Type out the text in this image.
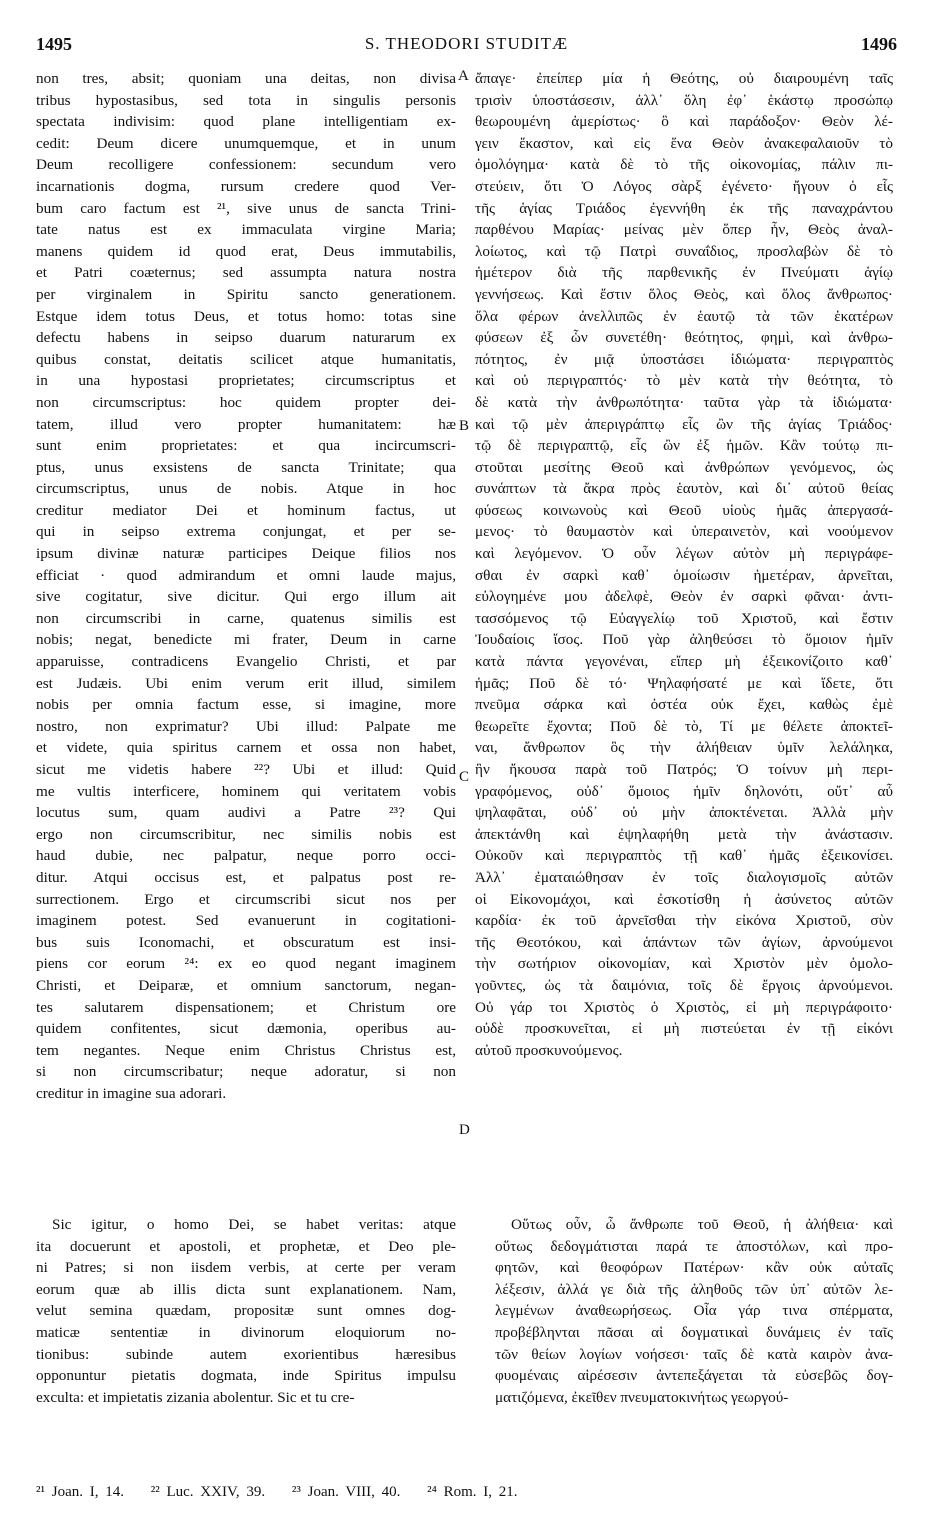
1495	S. THEODORI STUDITÆ	1496
non tres, absit; quoniam una deitas, non divisa
tribus hypostasibus, sed tota in singulis personis
spectata indivisim: quod plane intelligentiam ex-
cedit: Deum dicere unumquemque, et in unum
Deum recolligere confessionem: secundum vero
incarnationis dogma, rursum credere quod Ver-
bum caro factum est ²¹, sive unus de sancta Trini-
tate natus est ex immaculata virgine Maria;
manens quidem id quod erat, Deus immutabilis,
et Patri coæternus; sed assumpta natura nostra
per virginalem in Spiritu sancto generationem.
Estque idem totus Deus, et totus homo: totas sine
defectu habens in seipso duarum naturarum ex
quibus constat, deitatis scilicet atque humanitatis,
in una hypostasi proprietates; circumscriptus et
non circumscriptus: hoc quidem propter dei-
tatem, illud vero propter humanitatem: hæ
sunt enim proprietates: et qua incircumscri-
ptus, unus exsistens de sancta Trinitate; qua
circumscriptus, unus de nobis. Atque in hoc
creditur mediator Dei et hominum factus, ut
qui in seipso extrema conjungat, et per se-
ipsum divinæ naturæ participes Deique filios nos
efficiat · quod admirandum et omni laude majus,
sive cogitatur, sive dicitur. Qui ergo illum ait
non circumscribi in carne, quatenus similis est
nobis; negat, benedicte mi frater, Deum in carne
apparuisse, contradicens Evangelio Christi, et par
est Judæis. Ubi enim verum erit illud, similem
nobis per omnia factum esse, si imagine, more
nostro, non exprimatur? Ubi illud: Palpate me
et videte, quia spiritus carnem et ossa non habet,
sicut me videtis habere ²²? Ubi et illud: Quid
me vultis interficere, hominem qui veritatem vobis
locutus sum, quam audivi a Patre ²³? Qui
ergo non circumscribitur, nec similis nobis est
haud dubie, nec palpatur, neque porro occi-
ditur. Atqui occisus est, et palpatus post re-
surrectionem. Ergo et circumscribi sicut nos per
imaginem potest. Sed evanuerunt in cogitationi-
bus suis Iconomachi, et obscuratum est insi-
piens cor eorum ²⁴: ex eo quod negant imaginem
Christi, et Deiparæ, et omnium sanctorum, negan-
tes salutarem dispensationem; et Christum ore
quidem confitentes, sicut dæmonia, operibus au-
tem negantes. Neque enim Christus Christus est,
si non circumscribatur; neque adoratur, si non
creditur in imagine sua adorari.
ἄπαγε· ἐπείπερ μία ἡ Θεότης, οὐ διαιρουμένη ταῖς
τρισὶν ὑποστάσεσιν, ἀλλ᾽ ὅλη ἐφ᾽ ἑκάστῳ προσώπῳ
θεωρουμένη ἀμερίστως· ὃ καὶ παράδοξον· Θεὸν λέ-
γειν ἕκαστον, καὶ εἰς ἕνα Θεὸν ἀνακεφαλαιοῦν τὸ
ὁμολόγημα· κατὰ δὲ τὸ τῆς οἰκονομίας, πάλιν πι-
στεύειν, ὅτι Ὁ Λόγος σὰρξ ἐγένετο· ἤγουν ὁ εἷς
τῆς ἁγίας Τριάδος ἐγεννήθη ἐκ τῆς παναχράντου
παρθένου Μαρίας· μείνας μὲν ὅπερ ἦν, Θεὸς ἀναλ-
λοίωτος, καὶ τῷ Πατρὶ συναΐδιος, προσλαβὼν δὲ τὸ
ἡμέτερον διὰ τῆς παρθενικῆς ἐν Πνεύματι ἁγίῳ
γεννήσεως. Καὶ ἔστιν ὅλος Θεὸς, καὶ ὅλος ἄνθρωπος·
ὅλα φέρων ἀνελλιπῶς ἐν ἑαυτῷ τὰ τῶν ἑκατέρων
φύσεων ἐξ ὧν συνετέθη· θεότητος, φημὶ, καὶ ἀνθρω-
πότητος, ἐν μιᾷ ὑποστάσει ἰδιώματα· περιγραπτὸς
καὶ οὐ περιγραπτός· τὸ μὲν κατὰ τὴν θεότητα, τὸ
δὲ κατὰ τὴν ἀνθρωπότητα· ταῦτα γὰρ τὰ ἰδιώματα·
καὶ τῷ μὲν ἀπεριγράπτῳ εἷς ὢν τῆς ἁγίας Τριάδος·
τῷ δὲ περιγραπτῷ, εἷς ὢν ἐξ ἡμῶν. Κἂν τούτῳ πι-
στοῦται μεσίτης Θεοῦ καὶ ἀνθρώπων γενόμενος, ὡς
συνάπτων τὰ ἄκρα πρὸς ἑαυτὸν, καὶ δι᾽ αὐτοῦ θείας
φύσεως κοινωνοὺς καὶ Θεοῦ υἱοὺς ἡμᾶς ἀπεργασά-
μενος· τὸ θαυμαστὸν καὶ ὑπεραινετὸν, καὶ νοούμενον
καὶ λεγόμενον. Ὁ οὖν λέγων αὐτὸν μὴ περιγράφε-
σθαι ἐν σαρκὶ καθ᾽ ὁμοίωσιν ἡμετέραν, ἀρνεῖται,
εὐλογημένε μου ἀδελφὲ, Θεὸν ἐν σαρκὶ φᾶναι· ἀντι-
τασσόμενος τῷ Εὐαγγελίῳ τοῦ Χριστοῦ, καὶ ἔστιν
Ἰουδαίοις ἴσος. Ποῦ γὰρ ἀληθεύσει τὸ ὅμοιον ἡμῖν
κατὰ πάντα γεγονέναι, εἴπερ μὴ ἐξεικονίζοιτο καθ᾽
ἡμᾶς; Ποῦ δὲ τό· Ψηλαφήσατέ με καὶ ἴδετε, ὅτι
πνεῦμα σάρκα καὶ ὀστέα οὐκ ἔχει, καθὼς ἐμὲ
θεωρεῖτε ἔχοντα; Ποῦ δὲ τὸ, Τί με θέλετε ἀποκτεῖ-
ναι, ἄνθρωπον ὃς τὴν ἀλήθειαν ὑμῖν λελάληκα,
ἣν ἤκουσα παρὰ τοῦ Πατρός; Ὁ τοίνυν μὴ περι-
γραφόμενος, οὐδ᾽ ὅμοιος ἡμῖν δηλονότι, οὔτ᾽ αὖ
ψηλαφᾶται, οὐδ᾽ οὐ μὴν ἀποκτένεται. Ἀλλὰ μὴν
ἀπεκτάνθη καὶ ἐψηλαφήθη μετὰ τὴν ἀνάστασιν.
Οὐκοῦν καὶ περιγραπτὸς τῇ καθ᾽ ἡμᾶς ἐξεικονίσει.
Ἀλλ᾽ ἐματαιώθησαν ἐν τοῖς διαλογισμοῖς αὐτῶν
οἱ Εἰκονομάχοι, καὶ ἐσκοτίσθη ἡ ἀσύνετος αὐτῶν
καρδία· ἐκ τοῦ ἀρνεῖσθαι τὴν εἰκόνα Χριστοῦ, σὺν
τῆς Θεοτόκου, καὶ ἁπάντων τῶν ἁγίων, ἀρνούμενοι
τὴν σωτήριον οἰκονομίαν, καὶ Χριστὸν μὲν ὁμολο-
γοῦντες, ὡς τὰ δαιμόνια, τοῖς δὲ ἔργοις ἀρνούμενοι.
Οὐ γάρ τοι Χριστὸς ὁ Χριστὸς, εἰ μὴ περιγράφοιτο·
οὐδὲ προσκυνεῖται, εἰ μὴ πιστεύεται ἐν τῇ εἰκόνι
αὐτοῦ προσκυνούμενος.
A
B
C
D
Sic igitur, o homo Dei, se habet veritas: atque
ita docuerunt et apostoli, et prophetæ, et Deo ple-
ni Patres; si non iisdem verbis, at certe per veram
eorum quæ ab illis dicta sunt explanationem. Nam,
velut semina quædam, propositæ sunt omnes dog-
maticæ sententiæ in divinorum eloquiorum no-
tionibus: subinde autem exorientibus hæresibus
opponuntur pietatis dogmata, inde Spiritus impulsu
exculta: et impietatis zizania abolentur. Sic et tu cre-
Οὕτως οὖν, ὦ ἄνθρωπε τοῦ Θεοῦ, ἡ ἀλήθεια· καὶ
οὕτως δεδογμάτισται παρά τε ἀποστόλων, καὶ προ-
φητῶν, καὶ θεοφόρων Πατέρων· κἂν οὐκ αὐταῖς
λέξεσιν, ἀλλά γε διὰ τῆς ἀληθοῦς τῶν ὑπ᾽ αὐτῶν λε-
λεγμένων ἀναθεωρήσεως. Οἷα γάρ τινα σπέρματα,
προβέβληνται πᾶσαι αἱ δογματικαὶ δυνάμεις ἐν ταῖς
τῶν θείων λογίων νοήσεσι· ταῖς δὲ κατὰ καιρὸν ἀνα-
φυομέναις αἱρέσεσιν ἀντεπεξάγεται τὰ εὐσεβῶς δογ-
ματιζόμενα, ἐκεῖθεν πνευματοκινήτως γεωργού-
²¹ Joan. I, 14. ²² Luc. XXIV, 39. ²³ Joan. VIII, 40. ²⁴ Rom. I, 21.
